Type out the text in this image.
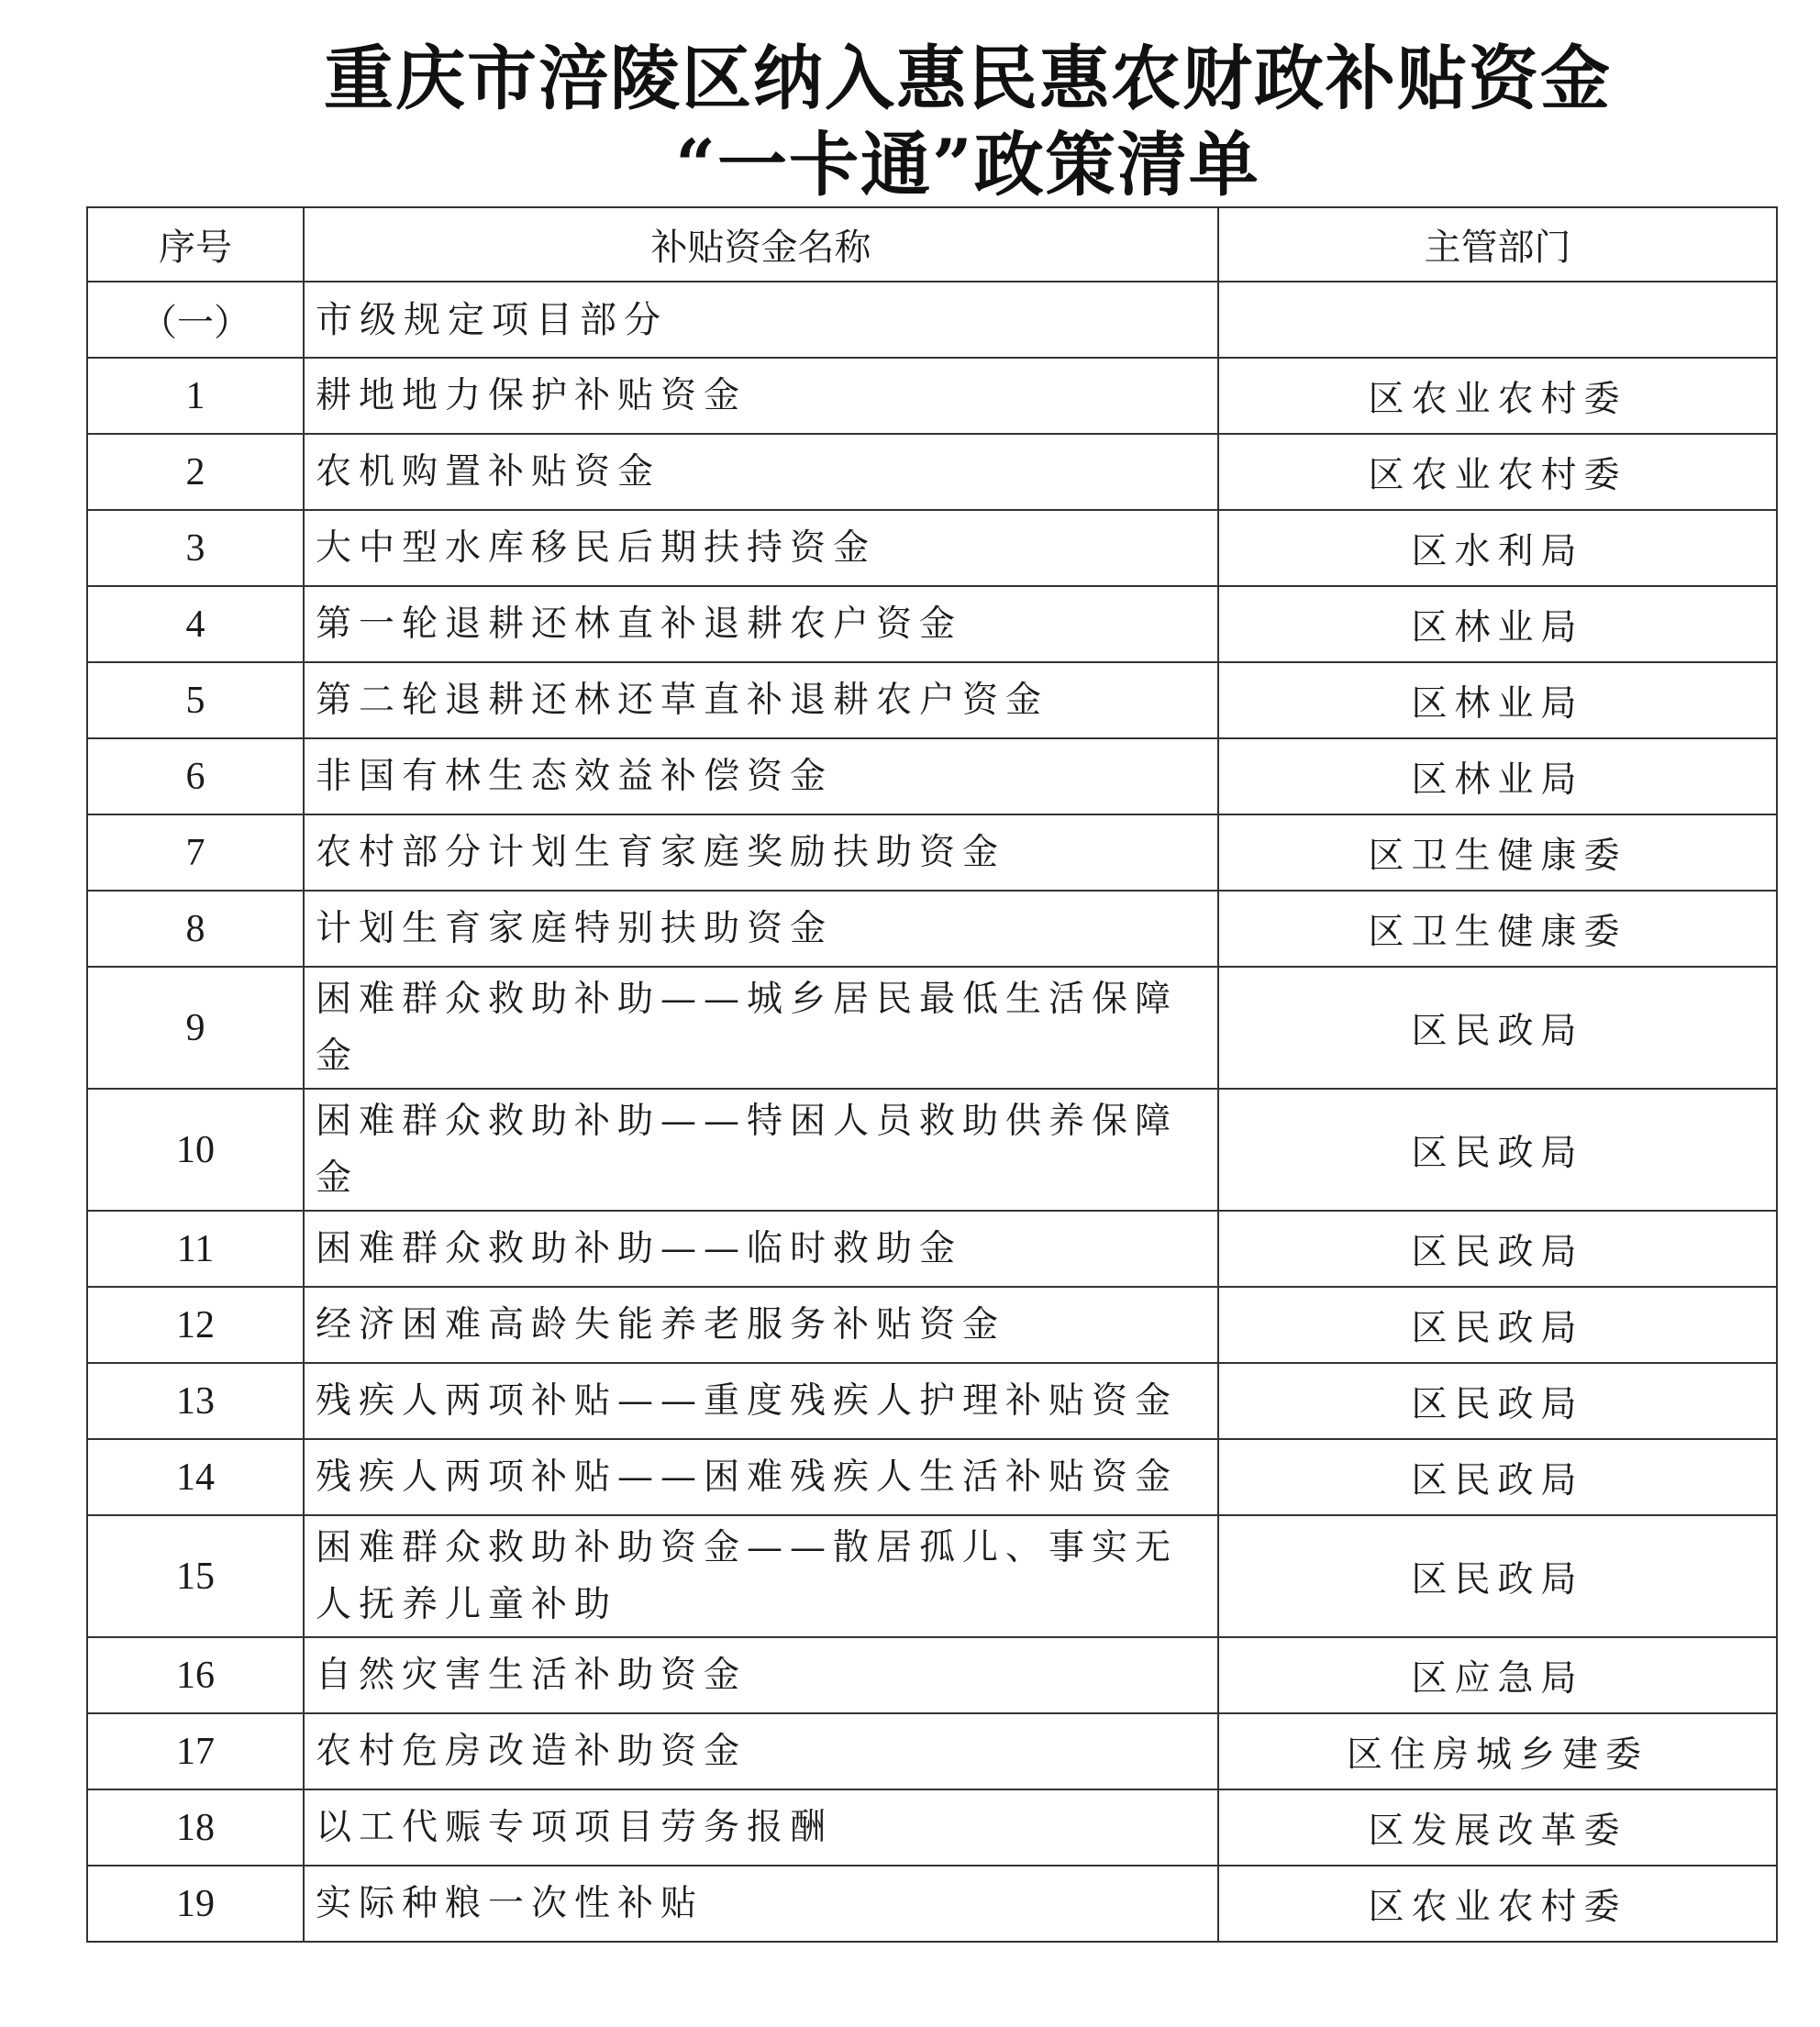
重庆市涪陵区纳入惠民惠农财政补贴资金
“一卡通”政策清单
序号	补贴资金名称	主管部门
（一）	市级规定项目部分	
1	耕地地力保护补贴资金	区农业农村委
2	农机购置补贴资金	区农业农村委
3	大中型水库移民后期扶持资金	区水利局
4	第一轮退耕还林直补退耕农户资金	区林业局
5	第二轮退耕还林还草直补退耕农户资金	区林业局
6	非国有林生态效益补偿资金	区林业局
7	农村部分计划生育家庭奖励扶助资金	区卫生健康委
8	计划生育家庭特别扶助资金	区卫生健康委
9	困难群众救助补助——城乡居民最低生活保障金	区民政局
10	困难群众救助补助——特困人员救助供养保障金	区民政局
11	困难群众救助补助——临时救助金	区民政局
12	经济困难高龄失能养老服务补贴资金	区民政局
13	残疾人两项补贴——重度残疾人护理补贴资金	区民政局
14	残疾人两项补贴——困难残疾人生活补贴资金	区民政局
15	困难群众救助补助资金——散居孤儿、事实无人抚养儿童补助	区民政局
16	自然灾害生活补助资金	区应急局
17	农村危房改造补助资金	区住房城乡建委
18	以工代赈专项项目劳务报酬	区发展改革委
19	实际种粮一次性补贴	区农业农村委
